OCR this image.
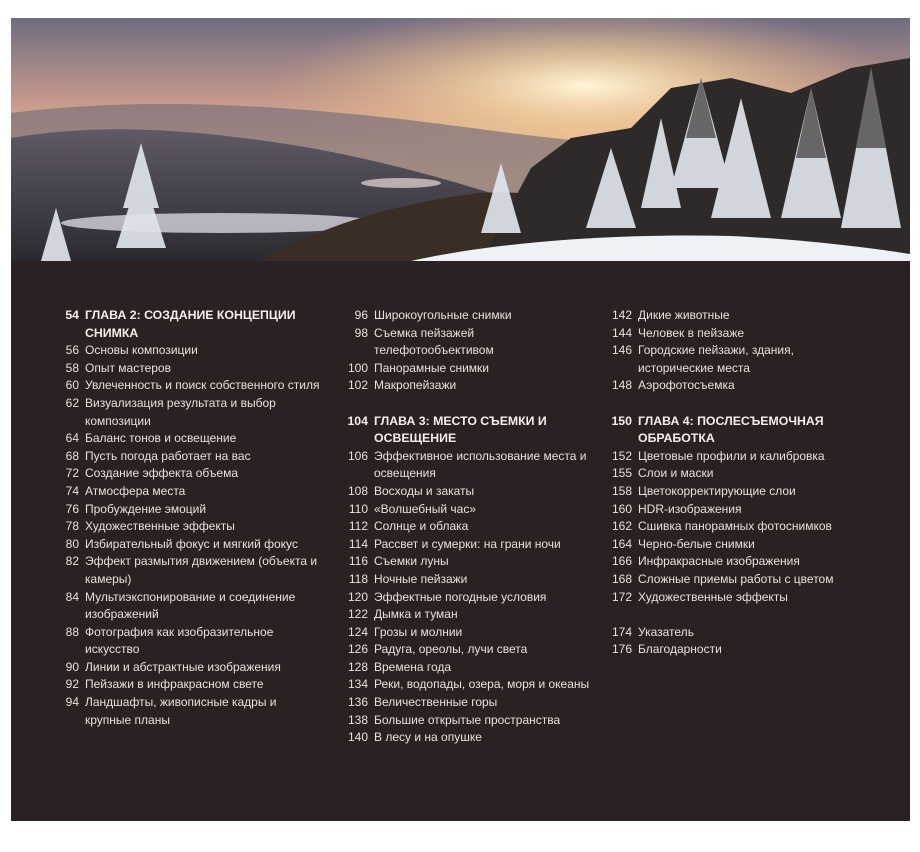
54 ГЛАВА 2: СОЗДАНИЕ КОНЦЕПЦИИ СНИМКА
56 Основы композиции
58 Опыт мастеров
60 Увлеченность и поиск собственного стиля
62 Визуализация результата и выбор композиции
64 Баланс тонов и освещение
68 Пусть погода работает на вас
72 Создание эффекта объема
74 Атмосфера места
76 Пробуждение эмоций
78 Художественные эффекты
80 Избирательный фокус и мягкий фокус
82 Эффект размытия движением (объекта и камеры)
84 Мультиэкспонирование и соединение изображений
88 Фотография как изобразительное искусство
90 Линии и абстрактные изображения
92 Пейзажи в инфракрасном свете
94 Ландшафты, живописные кадры и крупные планы
96 Широкоугольные снимки
98 Съемка пейзажей телефотообъективом
100 Панорамные снимки
102 Макропейзажи
104 ГЛАВА 3: МЕСТО СЪЕМКИ И ОСВЕЩЕНИЕ
106 Эффективное использование места и освещения
108 Восходы и закаты
110 «Волшебный час»
112 Солнце и облака
114 Рассвет и сумерки: на грани ночи
116 Съемки луны
118 Ночные пейзажи
120 Эффектные погодные условия
122 Дымка и туман
124 Грозы и молнии
126 Радуга, ореолы, лучи света
128 Времена года
134 Реки, водопады, озера, моря и океаны
136 Величественные горы
138 Большие открытые пространства
140 В лесу и на опушке
142 Дикие животные
144 Человек в пейзаже
146 Городские пейзажи, здания, исторические места
148 Аэрофотосъемка
150 ГЛАВА 4: ПОСЛЕСЪЕМОЧНАЯ ОБРАБОТКА
152 Цветовые профили и калибровка
155 Слои и маски
158 Цветокорректирующие слои
160 HDR-изображения
162 Сшивка панорамных фотоснимков
164 Черно-белые снимки
166 Инфракрасные изображения
168 Сложные приемы работы с цветом
172 Художественные эффекты
174 Указатель
176 Благодарности
